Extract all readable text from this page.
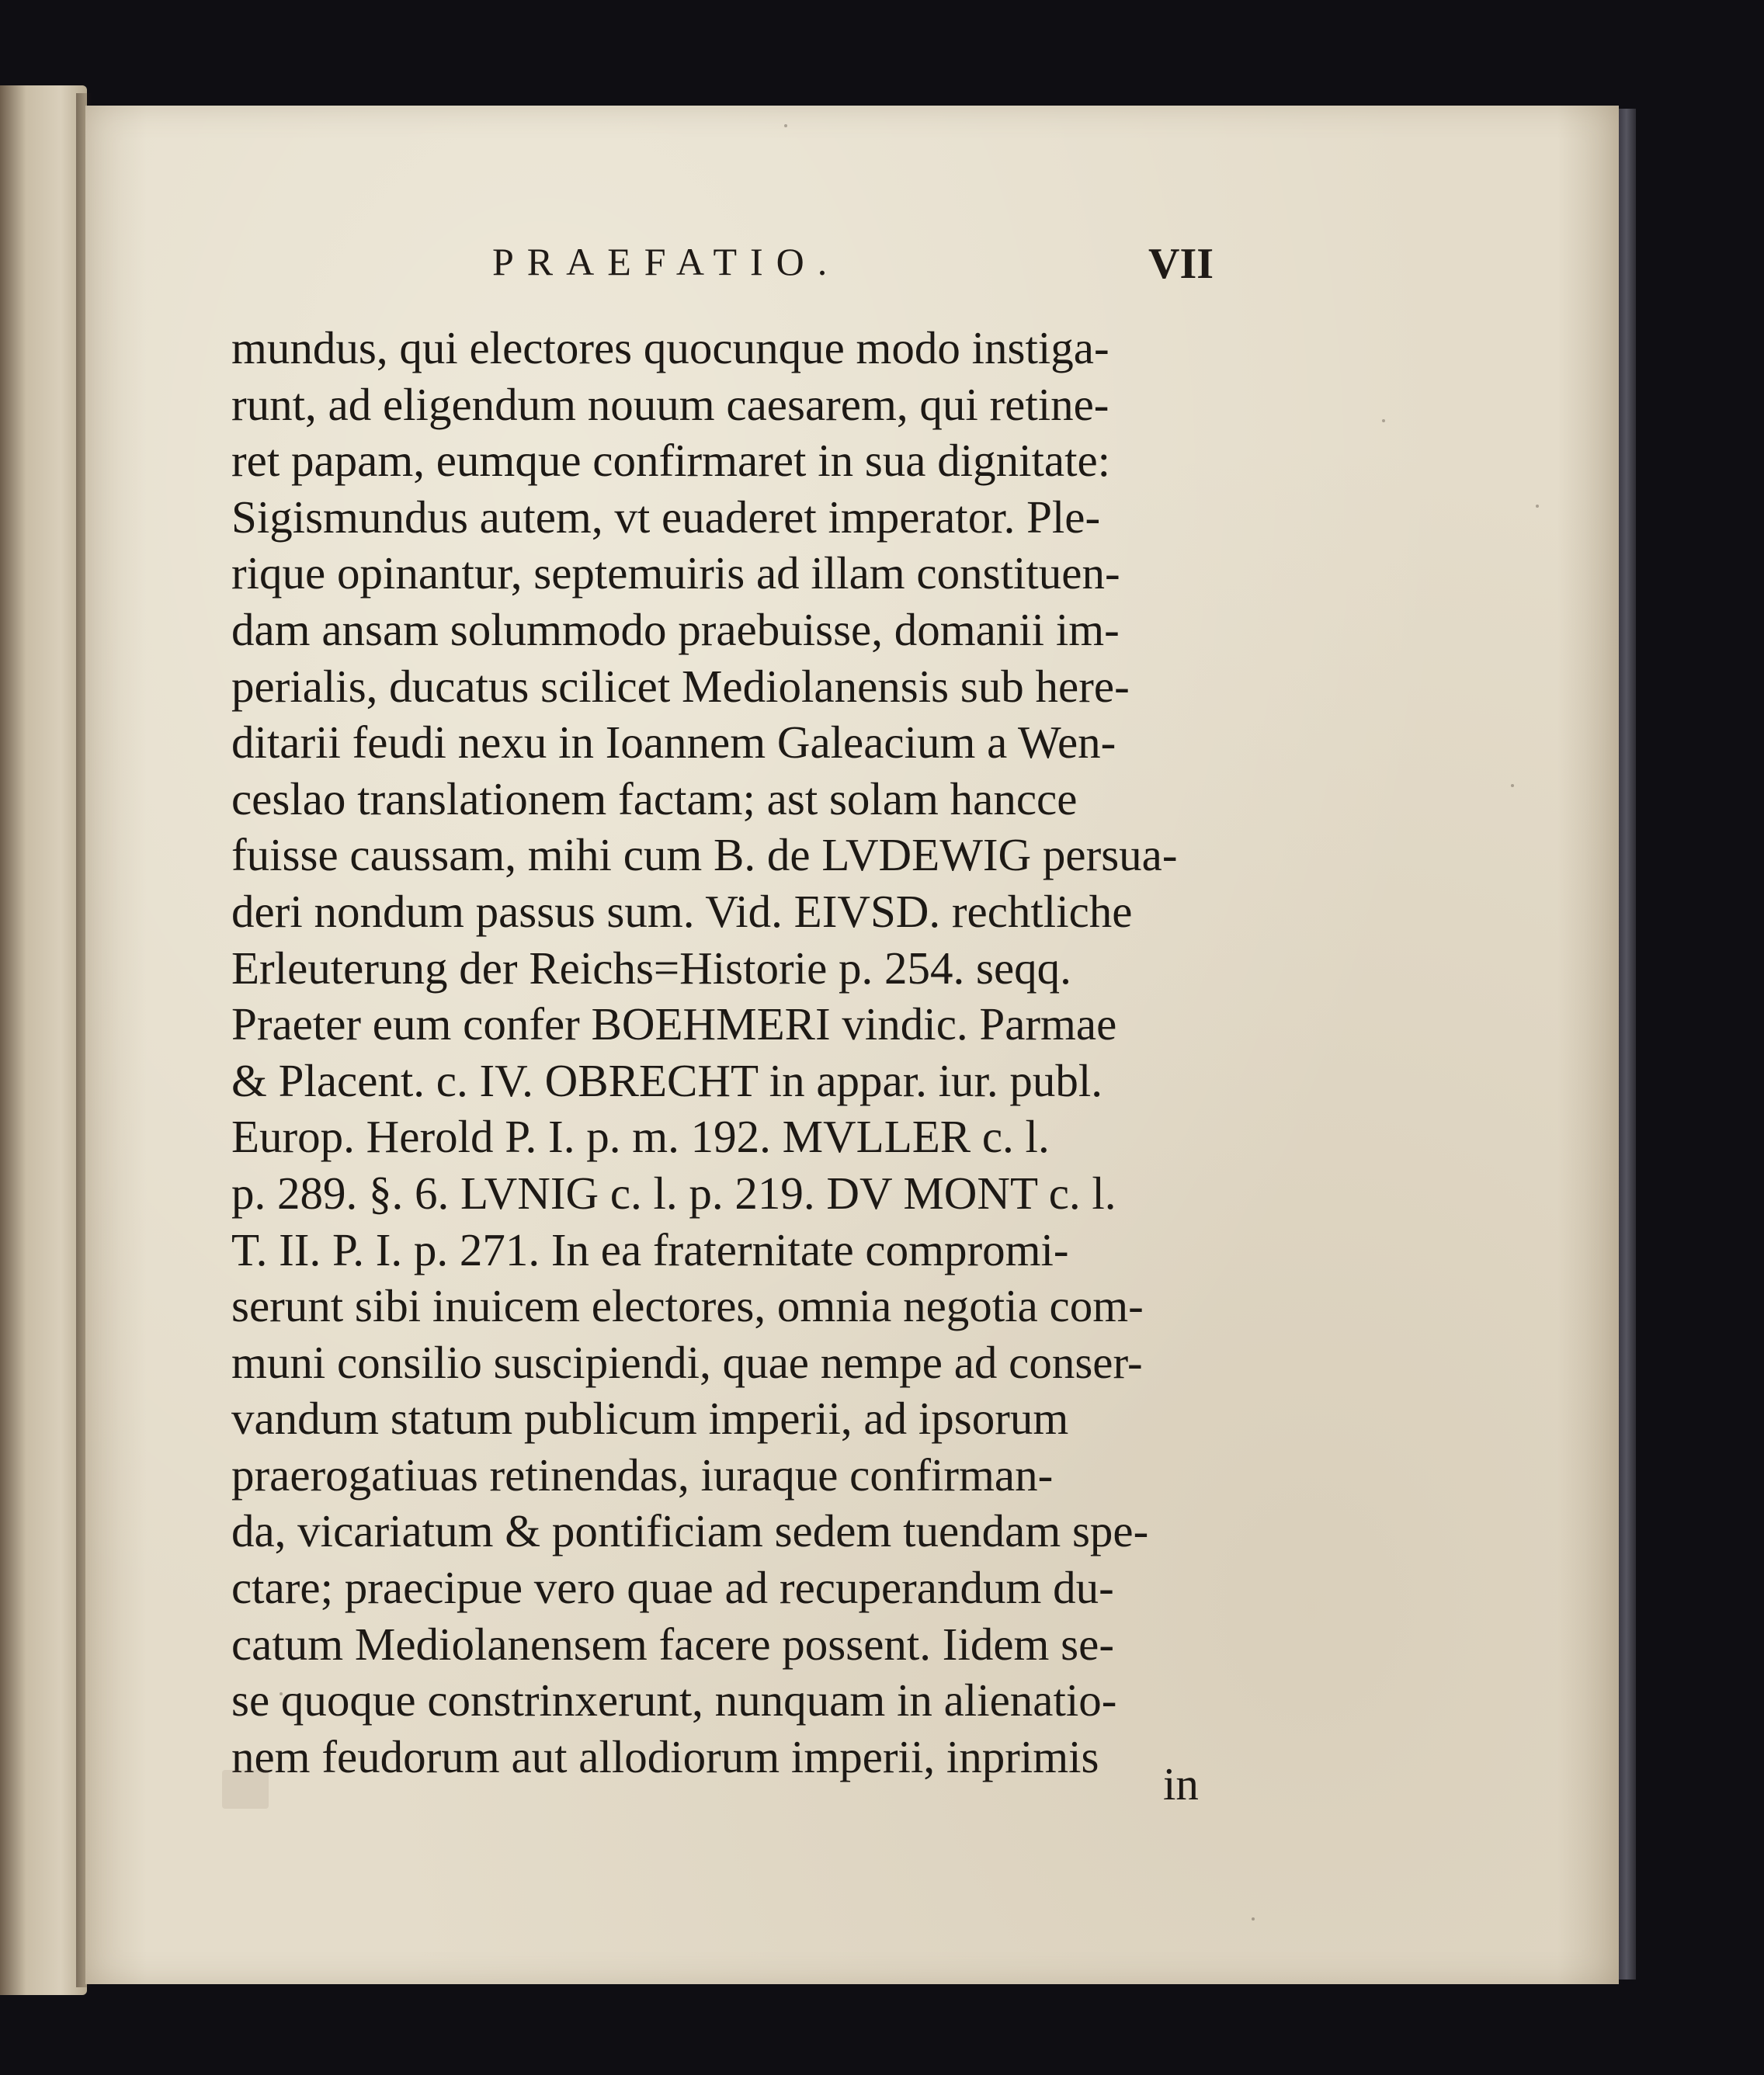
PRAEFATIO.	VII
mundus, qui electores quocunque modo instiga-
runt, ad eligendum nouum caesarem, qui retine-
ret papam, eumque confirmaret in sua dignitate:
Sigismundus autem, vt euaderet imperator. Ple-
rique opinantur, septemuiris ad illam constituen-
dam ansam solummodo praebuisse, domanii im-
perialis, ducatus scilicet Mediolanensis sub here-
ditarii feudi nexu in Ioannem Galeacium a Wen-
ceslao translationem factam; ast solam hancce
fuisse caussam, mihi cum B. de LVDEWIG persua-
deri nondum passus sum. Vid. EIVSD. rechtliche
Erleuterung der Reichs=Historie p. 254. seqq.
Praeter eum confer BOEHMERI vindic. Parmae
& Placent. c. IV. OBRECHT in appar. iur. publ.
Europ. Herold P. I. p. m. 192. MVLLER c. l.
p. 289. §. 6. LVNIG c. l. p. 219. DV MONT c. l.
T. II. P. I. p. 271. In ea fraternitate compromi-
serunt sibi inuicem electores, omnia negotia com-
muni consilio suscipiendi, quae nempe ad conser-
vandum statum publicum imperii, ad ipsorum
praerogatiuas retinendas, iuraque confirman-
da, vicariatum & pontificiam sedem tuendam spe-
ctare; praecipue vero quae ad recuperandum du-
catum Mediolanensem facere possent. Iidem se-
se quoque constrinxerunt, nunquam in alienatio-
nem feudorum aut allodiorum imperii, inprimis
in
